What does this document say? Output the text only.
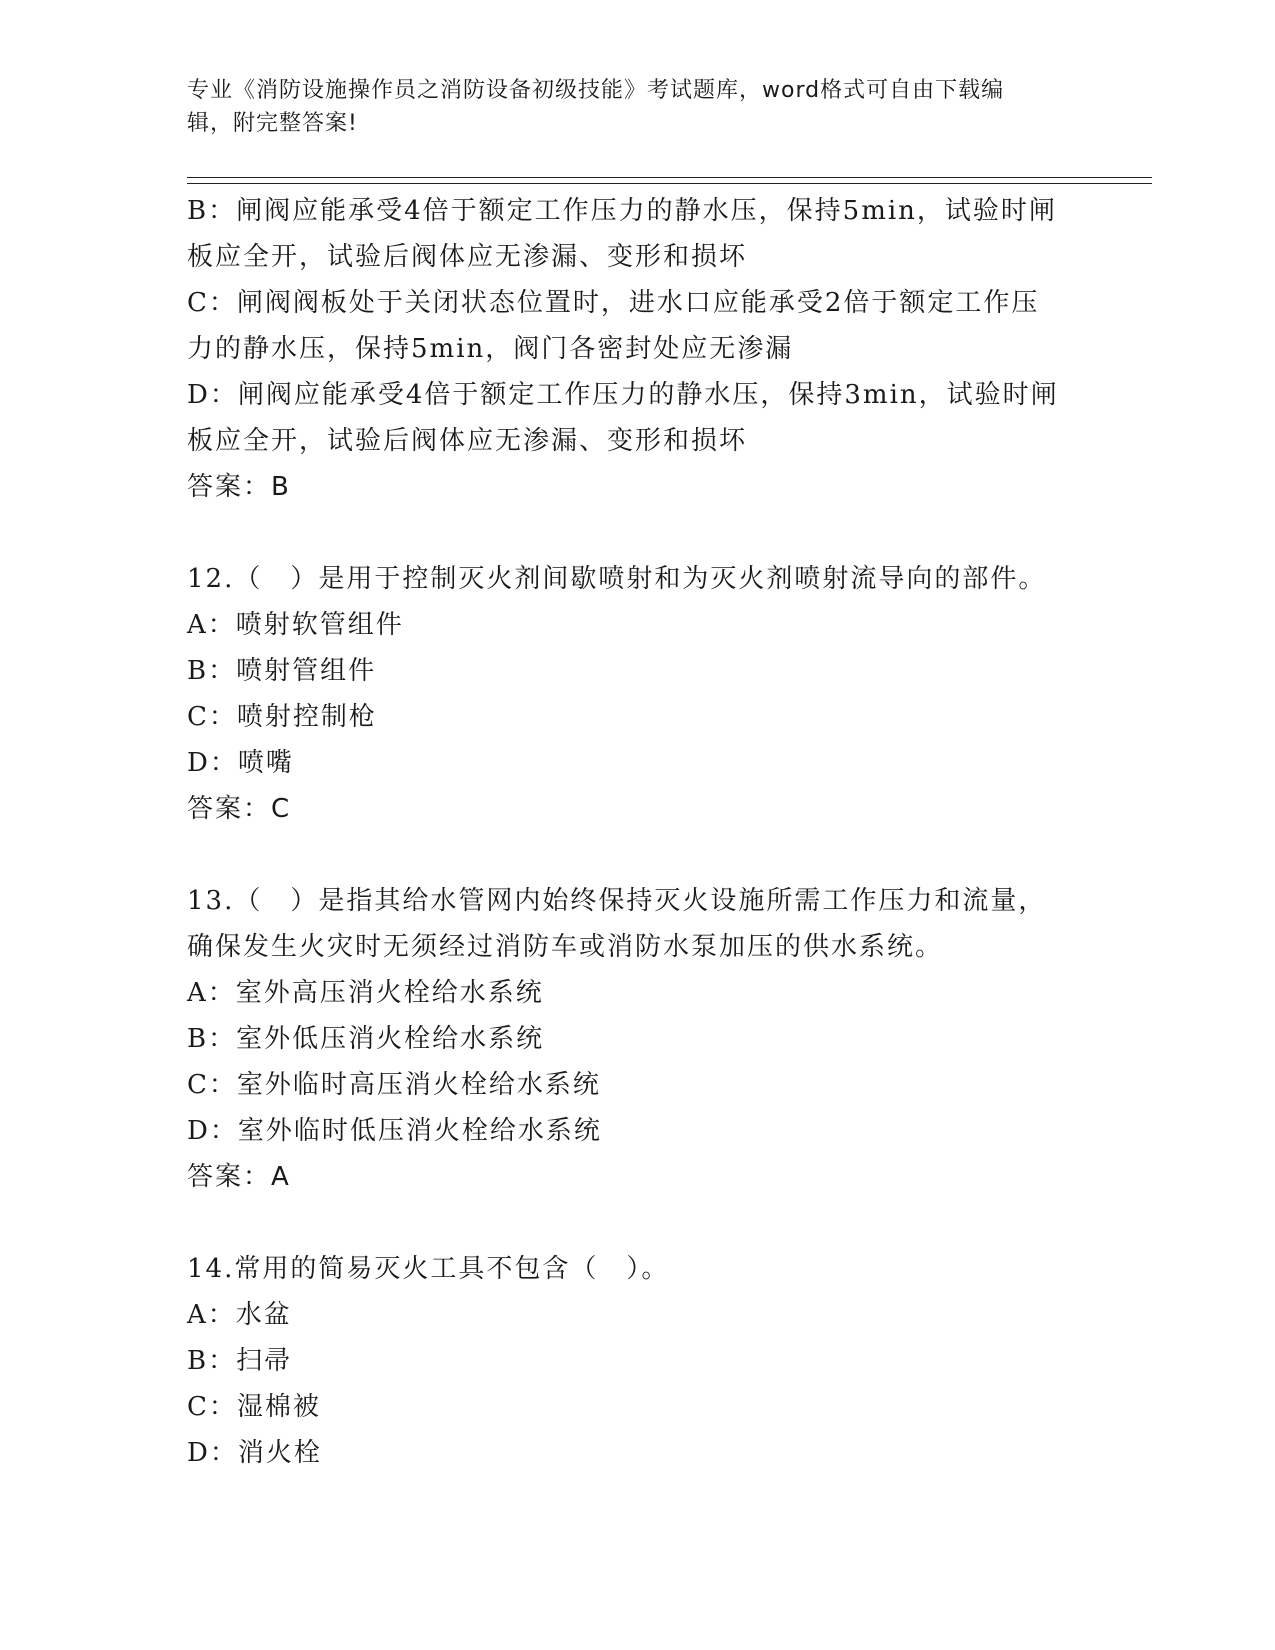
专业《消防设施操作员之消防设备初级技能》考试题库，word格式可自由下载编
辑，附完整答案!
B：闸阀应能承受4倍于额定工作压力的静水压，保持5min，试验时闸
板应全开，试验后阀体应无渗漏、变形和损坏
C：闸阀阀板处于关闭状态位置时，进水口应能承受2倍于额定工作压
力的静水压，保持5min，阀门各密封处应无渗漏
D：闸阀应能承受4倍于额定工作压力的静水压，保持3min，试验时闸
板应全开，试验后阀体应无渗漏、变形和损坏
答案：B
12.（　）是用于控制灭火剂间歇喷射和为灭火剂喷射流导向的部件。
A：喷射软管组件
B：喷射管组件
C：喷射控制枪
D：喷嘴
答案：C
13.（　）是指其给水管网内始终保持灭火设施所需工作压力和流量，
确保发生火灾时无须经过消防车或消防水泵加压的供水系统。
A：室外高压消火栓给水系统
B：室外低压消火栓给水系统
C：室外临时高压消火栓给水系统
D：室外临时低压消火栓给水系统
答案：A
14.常用的简易灭火工具不包含（　）。
A：水盆
B：扫帚
C：湿棉被
D：消火栓
